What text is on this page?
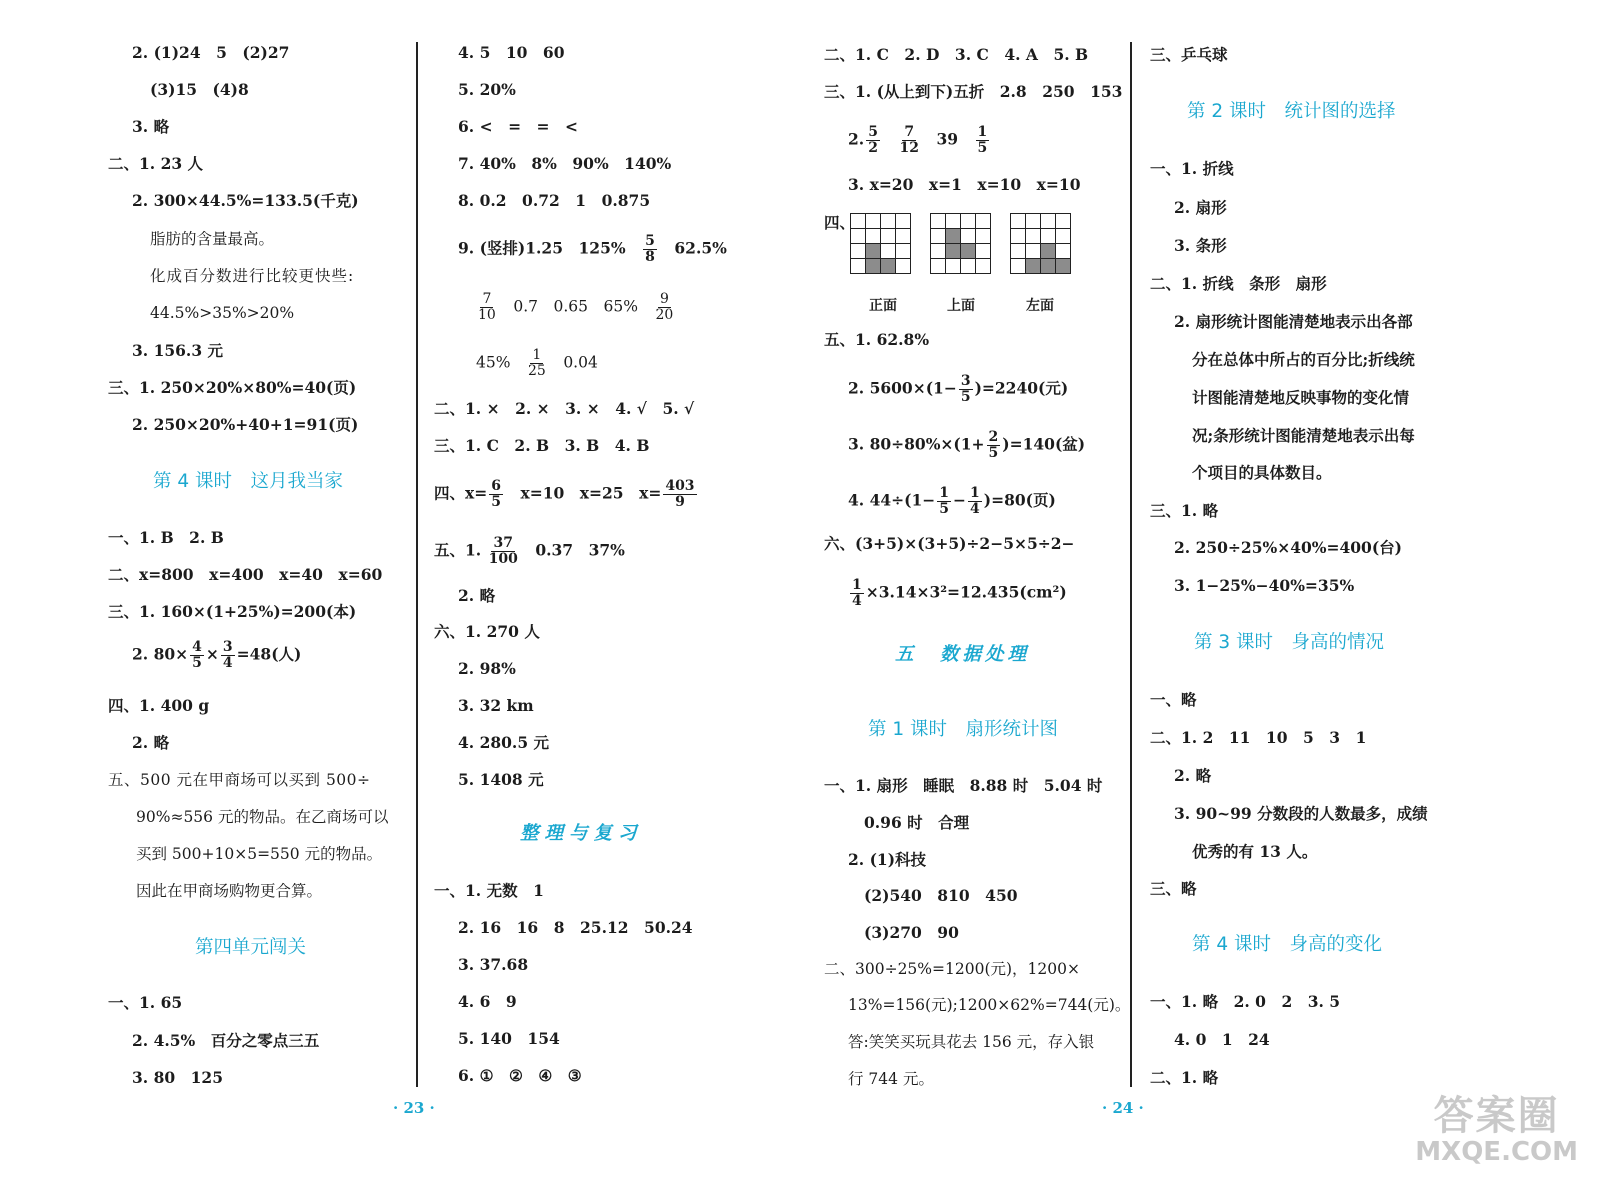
2. (1)24　5　(2)27
(3)15　(4)8
3. 略
二、1. 23 人
2. 300×44.5%=133.5(千克)
脂肪的含量最高。
化成百分数进行比较更快些:
44.5%>35%>20%
3. 156.3 元
三、1. 250×20%×80%=40(页)
2. 250×20%+40+1=91(页)
第 4 课时　这月我当家
一、1. B　2. B
二、x=800　x=400　x=40　x=60
三、1. 160×(1+25%)=200(本)
2. $80\times \frac{4}{5} \times \frac{3}{4} =48$(人)
四、1. 400 g
2. 略
五、500 元在甲商场可以买到 500÷
90%≈556 元的物品。在乙商场可以
买到 500+10×5=550 元的物品。
因此在甲商场购物更合算。
第四单元闯关
一、1. 65
2. 4.5%　百分之零点三五
3. 80　125
4. 5　10　60
5. 20%
6. <　=　=　<
7. 40%　8%　90%　140%
8. 0.2　0.72　1　0.875
9. (竖排)1.25　125%　 $\frac{5}{8}$
　 62.5%
$\frac{7}{10}$
　 0.7　0.65　65%　 $\frac{9}{20}$
45%　 $\frac{1}{25}$
　 0.04
二、1. ×　2. ×　3. ×　4. √　5. √
三、1. C　2. B　3. B　4. B
四、$x= \frac{6}{5}$
　 x=10　x=25　$x= \frac{403}{9}$
五、1. $\frac{37}{100}$
　 0.37　37%
2. 略
六、1. 270 人
2. 98%
3. 32 km
4. 280.5 元
5. 1408 元
整理与复习
一、1. 无数　1
2. 16　16　8　25.12　50.24
3. 37.68
4. 6　9
5. 140　154
6. ①　②　④　③
· 23 ·	· 24 ·
二、1. C　2. D　3. C　4. A　5. B
三、1. (从上到下)五折　2.8　250　153
2. $\frac{5}{2}$
　 $\frac{7}{12}$
　 39　 $\frac{1}{5}$
3. x=20　x=1　x=10　x=10
四、
正面	上面	左面
五、1. 62.8%
2. $5600\times(1- \frac{3}{5} )=2240$(元)
3. $80\div 80\%\times(1+ \frac{2}{5} )=140$(盆)
4. $44\div(1- \frac{1}{5} - \frac{1}{4} )=80$(页)
六、(3+5)×(3+5)÷2−5×5÷2−
$\frac{1}{4} \times 3.14\times 3^2=12.435(cm^2)$
五　数据处理
第 1 课时　扇形统计图
一、1. 扇形　睡眠　8.88 时　5.04 时
0.96 时　合理
2. (1)科技
(2)540　810　450
(3)270　90
二、300÷25%=1200(元)，1200×
13%=156(元);1200×62%=744(元)。
答:笑笑买玩具花去 156 元，存入银
行 744 元。
三、乒乓球
第 2 课时　统计图的选择
一、1. 折线
2. 扇形
3. 条形
二、1. 折线　条形　扇形
2. 扇形统计图能清楚地表示出各部
分在总体中所占的百分比;折线统
计图能清楚地反映事物的变化情
况;条形统计图能清楚地表示出每
个项目的具体数目。
三、1. 略
2. 250÷25%×40%=400(台)
3. 1−25%−40%=35%
第 3 课时　身高的情况
一、略
二、1. 2　11　10　5　3　1
2. 略
3. 90~99 分数段的人数最多，成绩
优秀的有 13 人。
三、略
第 4 课时　身高的变化
一、1. 略　2. 0　2　3. 5
4. 0　1　24
二、1. 略
答案圈
MXQE.COM
